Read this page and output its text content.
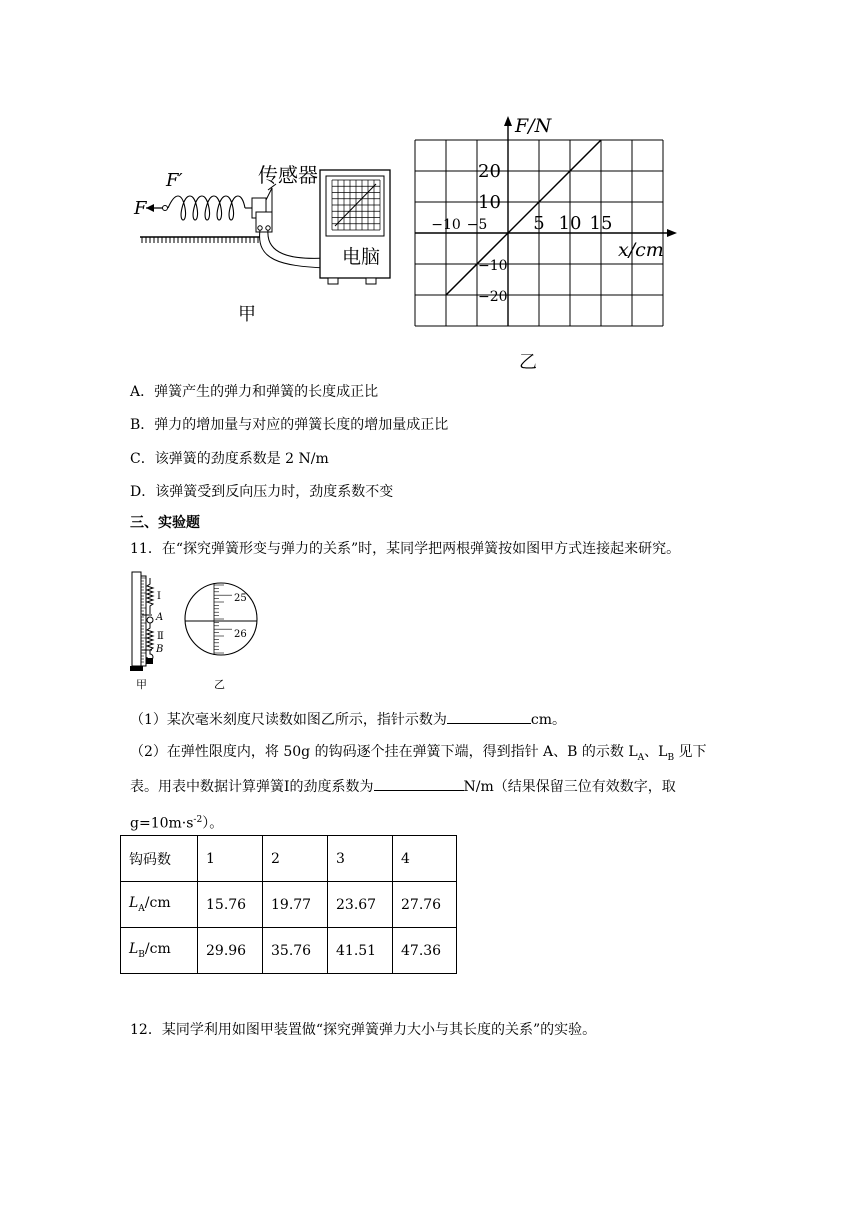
F
F′	传感器
电脑
甲
−10 −5	5 10 15
20
10
−10
−20
F/N
x/cm
乙
A．弹簧产生的弹力和弹簧的长度成正比
B．弹力的增加量与对应的弹簧长度的增加量成正比
C．该弹簧的劲度系数是 2 N/m
D．该弹簧受到反向压力时，劲度系数不变
三、实验题
11．在“探究弹簧形变与弹力的关系”时，某同学把两根弹簧按如图甲方式连接起来研究。
Ⅰ
A
Ⅱ
B
甲
25
26
乙
（1）某次毫米刻度尺读数如图乙所示，指针示数为	cm。
（2）在弹性限度内，将 50g 的钩码逐个挂在弹簧下端，得到指针 A、B 的示数 $L_A$、$L_B$ 见下
表。用表中数据计算弹簧Ⅰ的劲度系数为	N/m（结果保留三位有效数字，取
$g=10m\cdot s^{-2}$）。
钩码数	1	2	3	4
$L_A/cm$	15.76	19.77	23.67	27.76
$L_B/cm$	29.96	35.76	41.51	47.36
12．某同学利用如图甲装置做“探究弹簧弹力大小与其长度的关系”的实验。
